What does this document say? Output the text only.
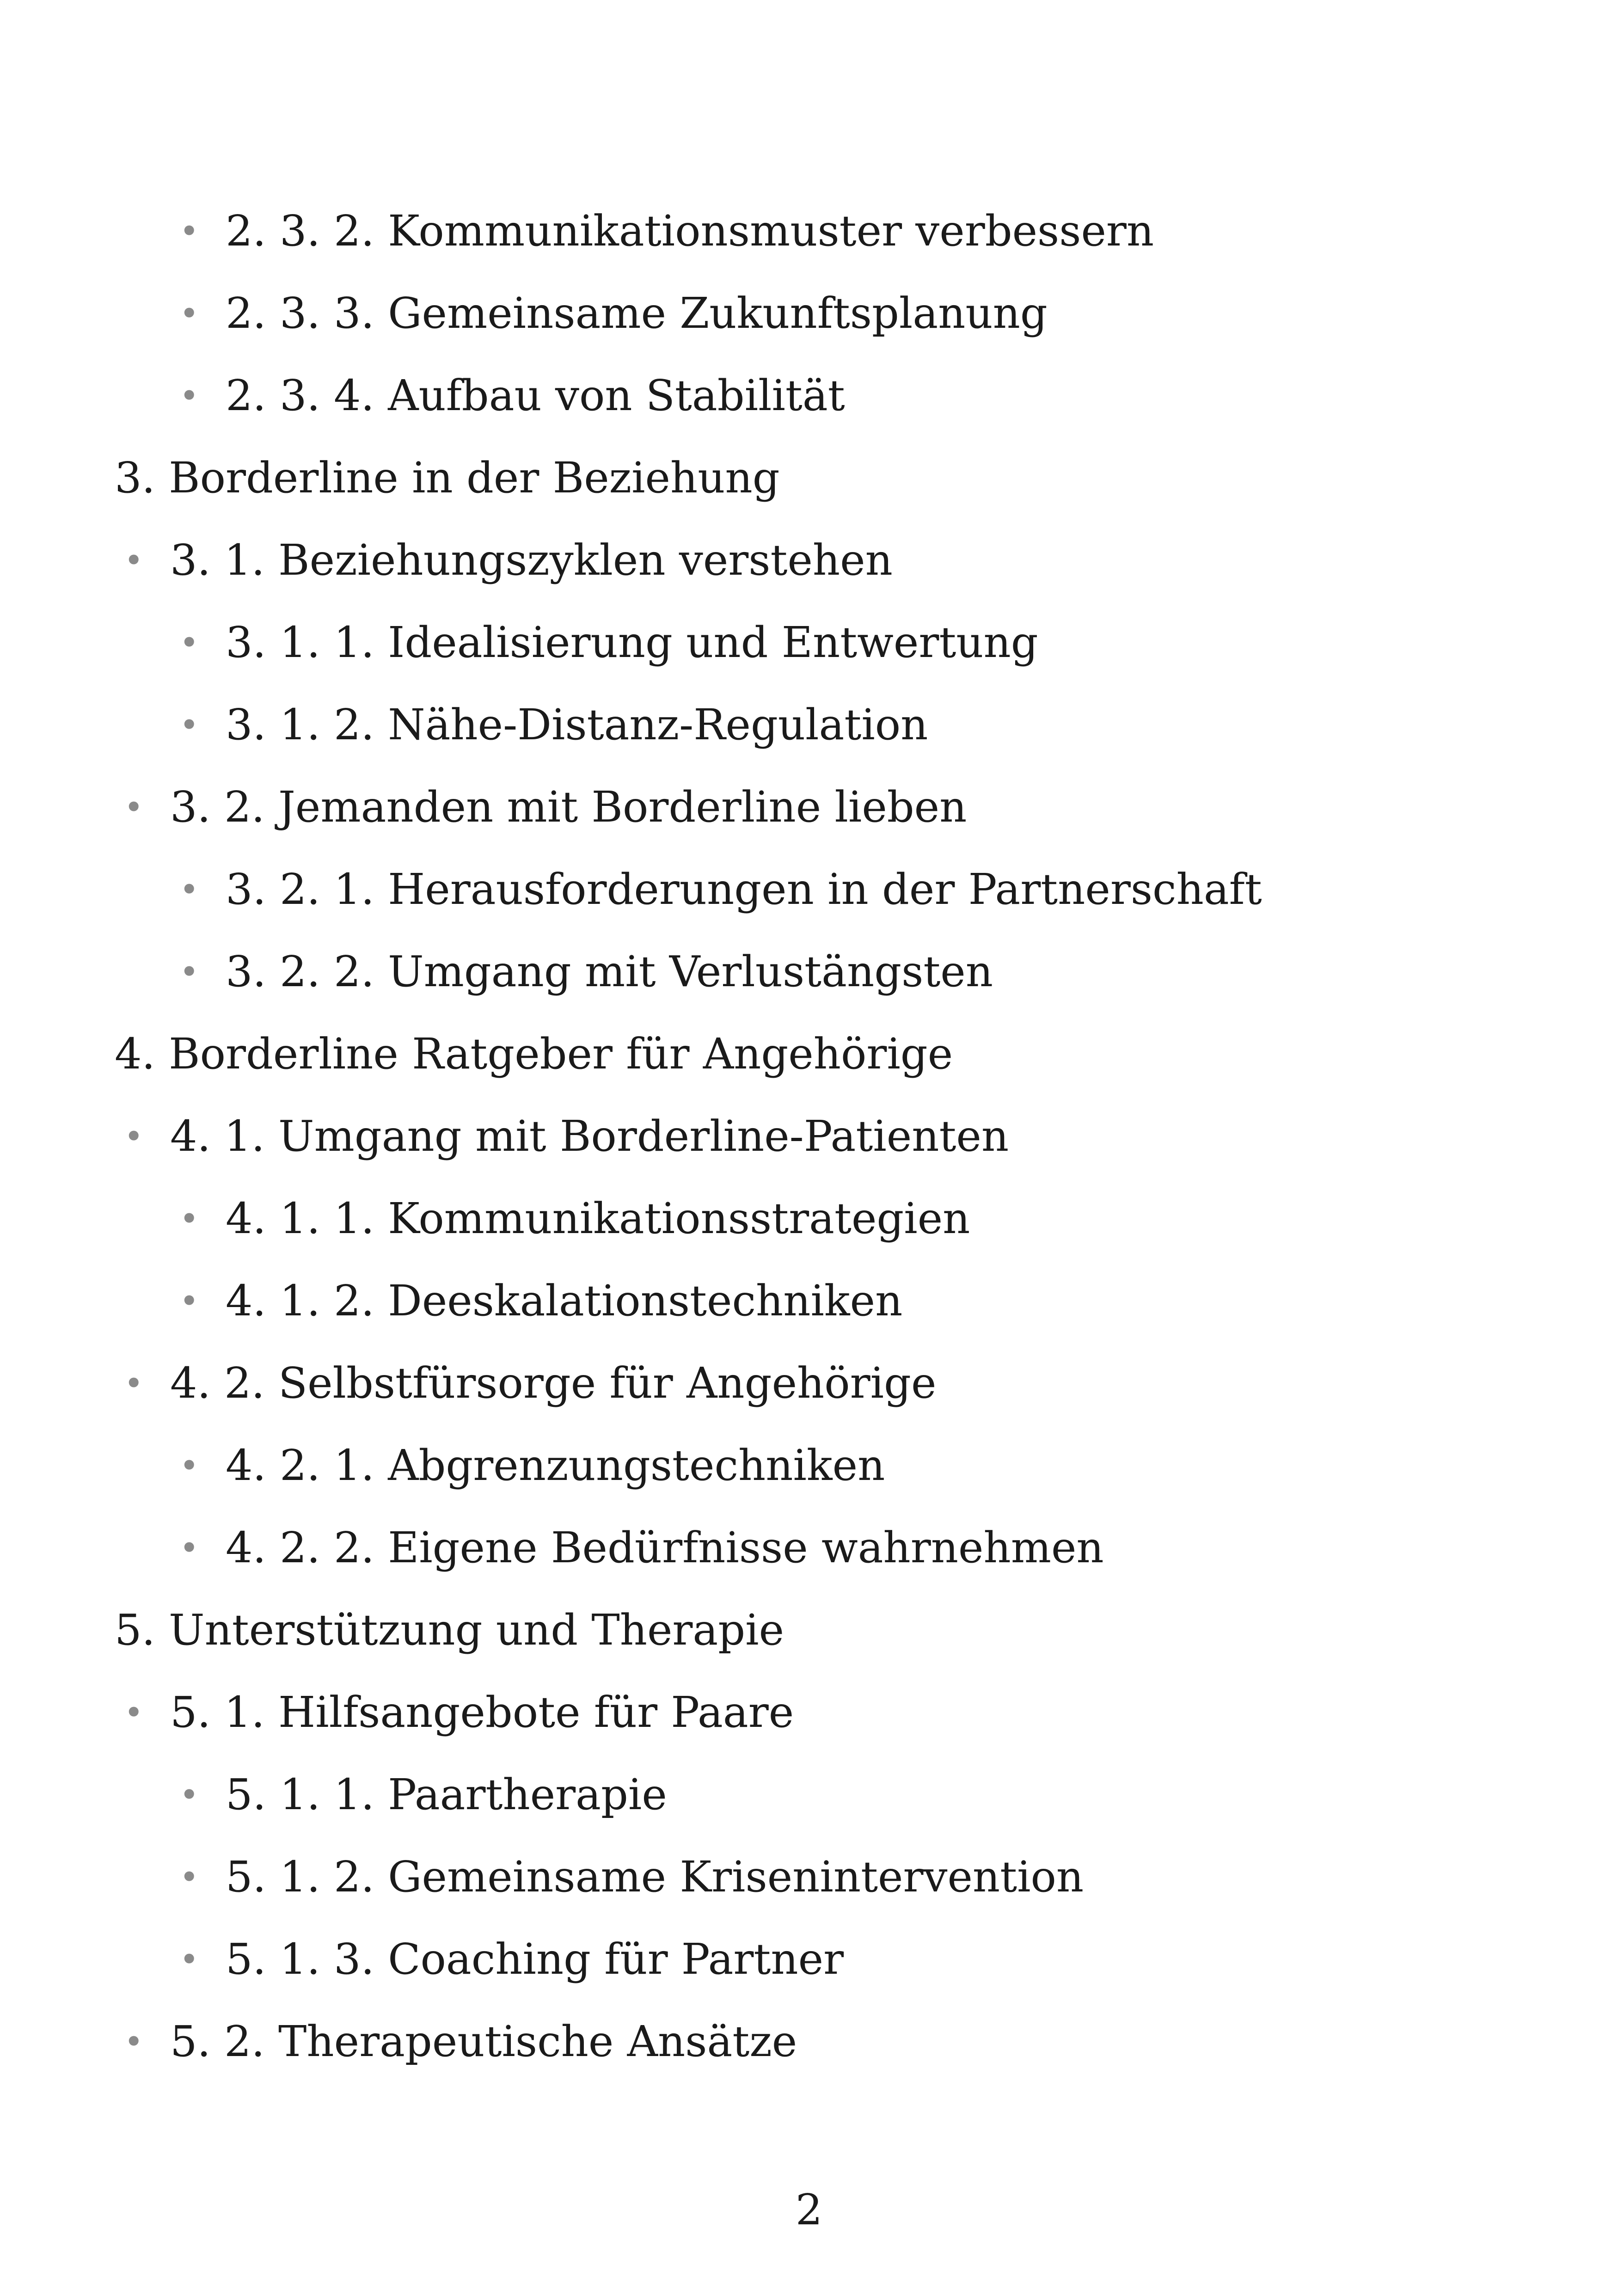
• 2. 3. 2. Kommunikationsmuster verbessern
• 2. 3. 3. Gemeinsame Zukunftsplanung
• 2. 3. 4. Aufbau von Stabilität
3. Borderline in der Beziehung
• 3. 1. Beziehungszyklen verstehen
• 3. 1. 1. Idealisierung und Entwertung
• 3. 1. 2. Nähe-Distanz-Regulation
• 3. 2. Jemanden mit Borderline lieben
• 3. 2. 1. Herausforderungen in der Partnerschaft
• 3. 2. 2. Umgang mit Verlustängsten
4. Borderline Ratgeber für Angehörige
• 4. 1. Umgang mit Borderline-Patienten
• 4. 1. 1. Kommunikationsstrategien
• 4. 1. 2. Deeskalationstechniken
• 4. 2. Selbstfürsorge für Angehörige
• 4. 2. 1. Abgrenzungstechniken
• 4. 2. 2. Eigene Bedürfnisse wahrnehmen
5. Unterstützung und Therapie
• 5. 1. Hilfsangebote für Paare
• 5. 1. 1. Paartherapie
• 5. 1. 2. Gemeinsame Krisenintervention
• 5. 1. 3. Coaching für Partner
• 5. 2. Therapeutische Ansätze
2
